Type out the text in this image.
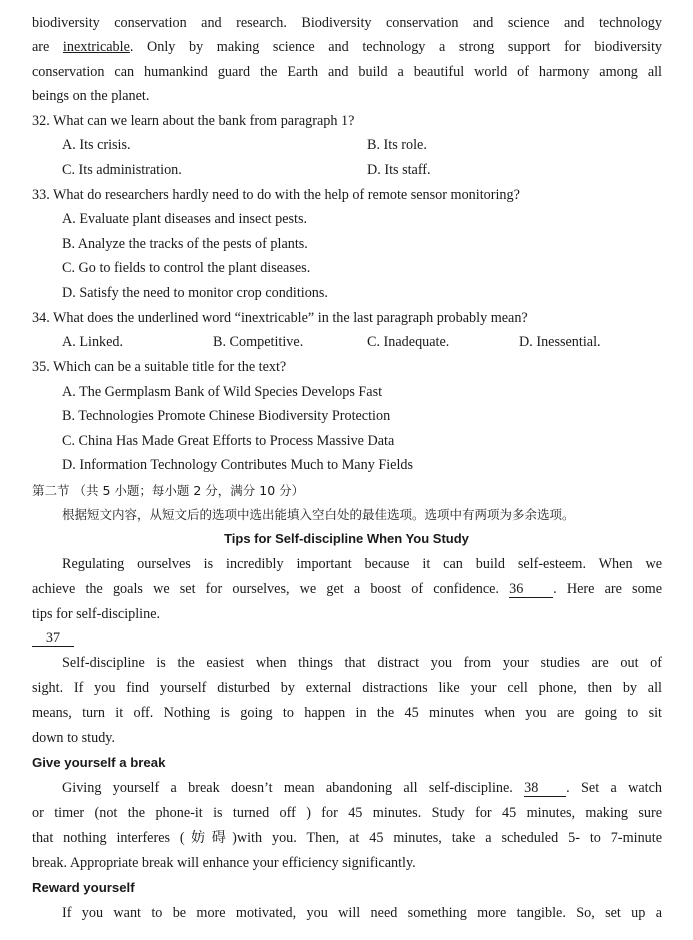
biodiversity conservation and research. Biodiversity conservation and science and technology
are inextricable. Only by making science and technology a strong support for biodiversity
conservation can humankind guard the Earth and build a beautiful world of harmony among all
beings on the planet.
32. What can we learn about the bank from paragraph 1?
A. Its crisis.	B. Its role.
C. Its administration.	D. Its staff.
33. What do researchers hardly need to do with the help of remote sensor monitoring?
A. Evaluate plant diseases and insect pests.
B. Analyze the tracks of the pests of plants.
C. Go to fields to control the plant diseases.
D. Satisfy the need to monitor crop conditions.
34. What does the underlined word “inextricable” in the last paragraph probably mean?
A. Linked.	B. Competitive.	C. Inadequate.	D. Inessential.
35. Which can be a suitable title for the text?
A. The Germplasm Bank of Wild Species Develops Fast
B. Technologies Promote Chinese Biodiversity Protection
C. China Has Made Great Efforts to Process Massive Data
D. Information Technology Contributes Much to Many Fields
第二节 （共 5 小题；每小题 2 分，满分 10 分）
根据短文内容，从短文后的选项中选出能填入空白处的最佳选项。选项中有两项为多余选项。
Tips for Self-discipline When You Study
Regulating ourselves is incredibly important because it can build self-esteem. When we
achieve the goals we set for ourselves, we get a boost of confidence. 36 . Here are some
tips for self-discipline.
37
Self-discipline is the easiest when things that distract you from your studies are out of
sight. If you find yourself disturbed by external distractions like your cell phone, then by all
means, turn it off. Nothing is going to happen in the 45 minutes when you are going to sit
down to study.
Give yourself a break
Giving yourself a break doesn’t mean abandoning all self-discipline. 38 . Set a watch
or timer (not the phone-it is turned off ) for 45 minutes. Study for 45 minutes, making sure
that nothing interferes (妨碍)with you. Then, at 45 minutes, take a scheduled 5- to 7-minute
break. Appropriate break will enhance your efficiency significantly.
Reward yourself
If you want to be more motivated, you will need something more tangible. So, set up a
